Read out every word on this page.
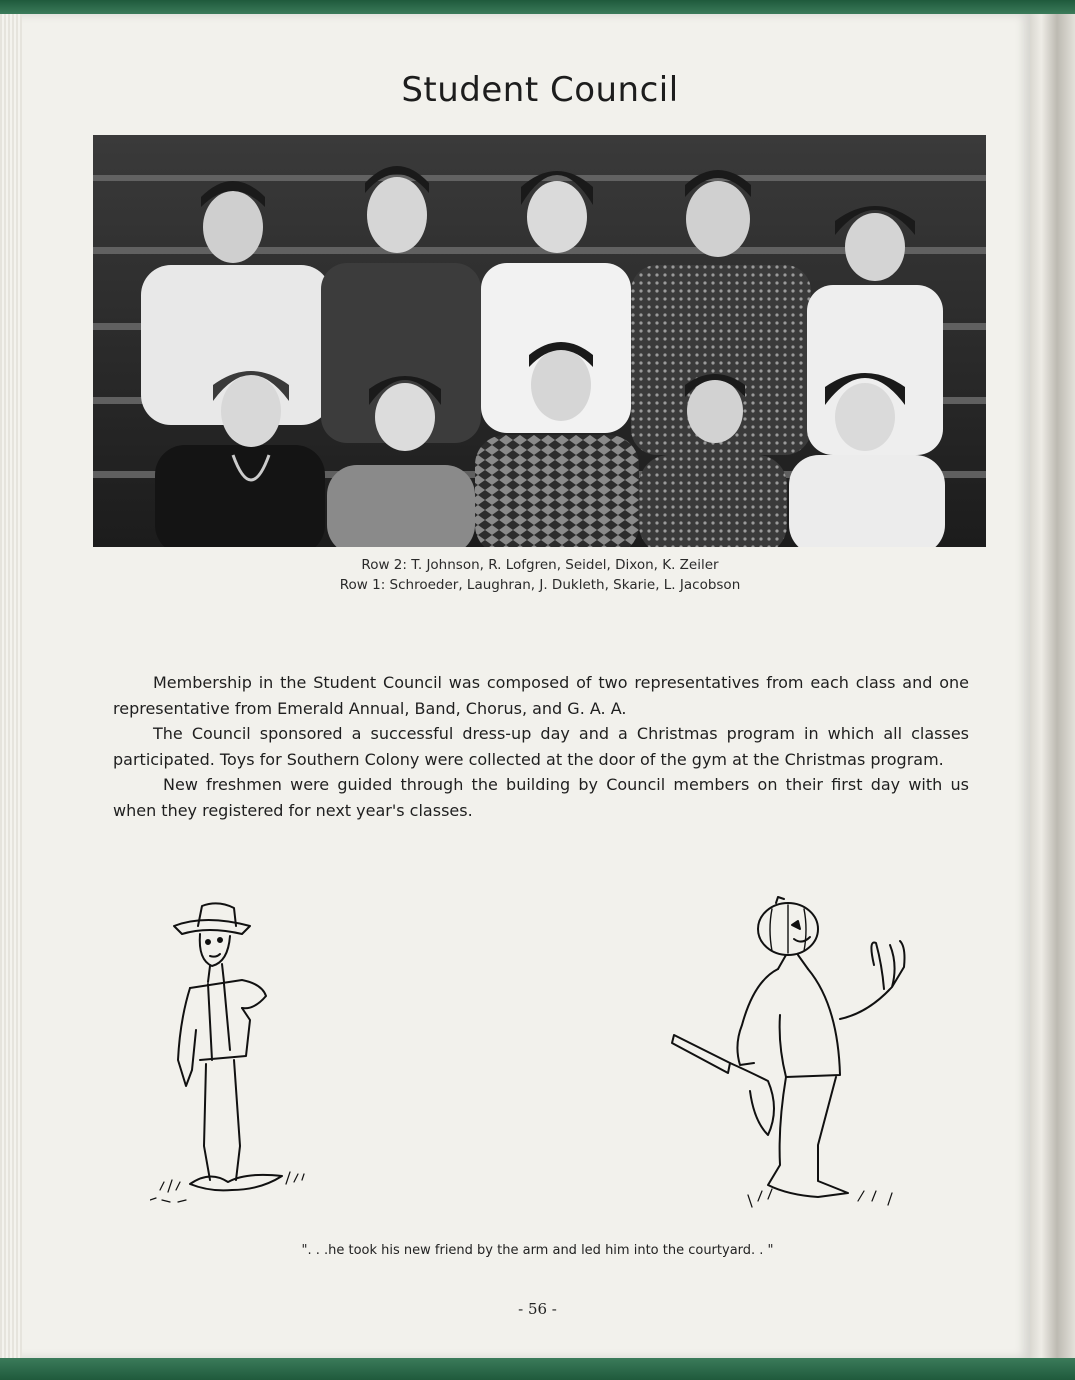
Student Council
Row 2: T. Johnson, R. Lofgren, Seidel, Dixon, K. Zeiler
Row 1: Schroeder, Laughran, J. Dukleth, Skarie, L. Jacobson

Membership in the Student Council was composed of two representatives from each class and one representative from Emerald Annual, Band, Chorus, and G. A. A.

The Council sponsored a successful dress-up day and a Christmas program in which all classes participated. Toys for Southern Colony were collected at the door of the gym at the Christmas program.

New freshmen were guided through the building by Council members on their first day with us when they registered for next year's classes.

". . .he took his new friend by the arm and led him into the courtyard. . "
- 56 -
